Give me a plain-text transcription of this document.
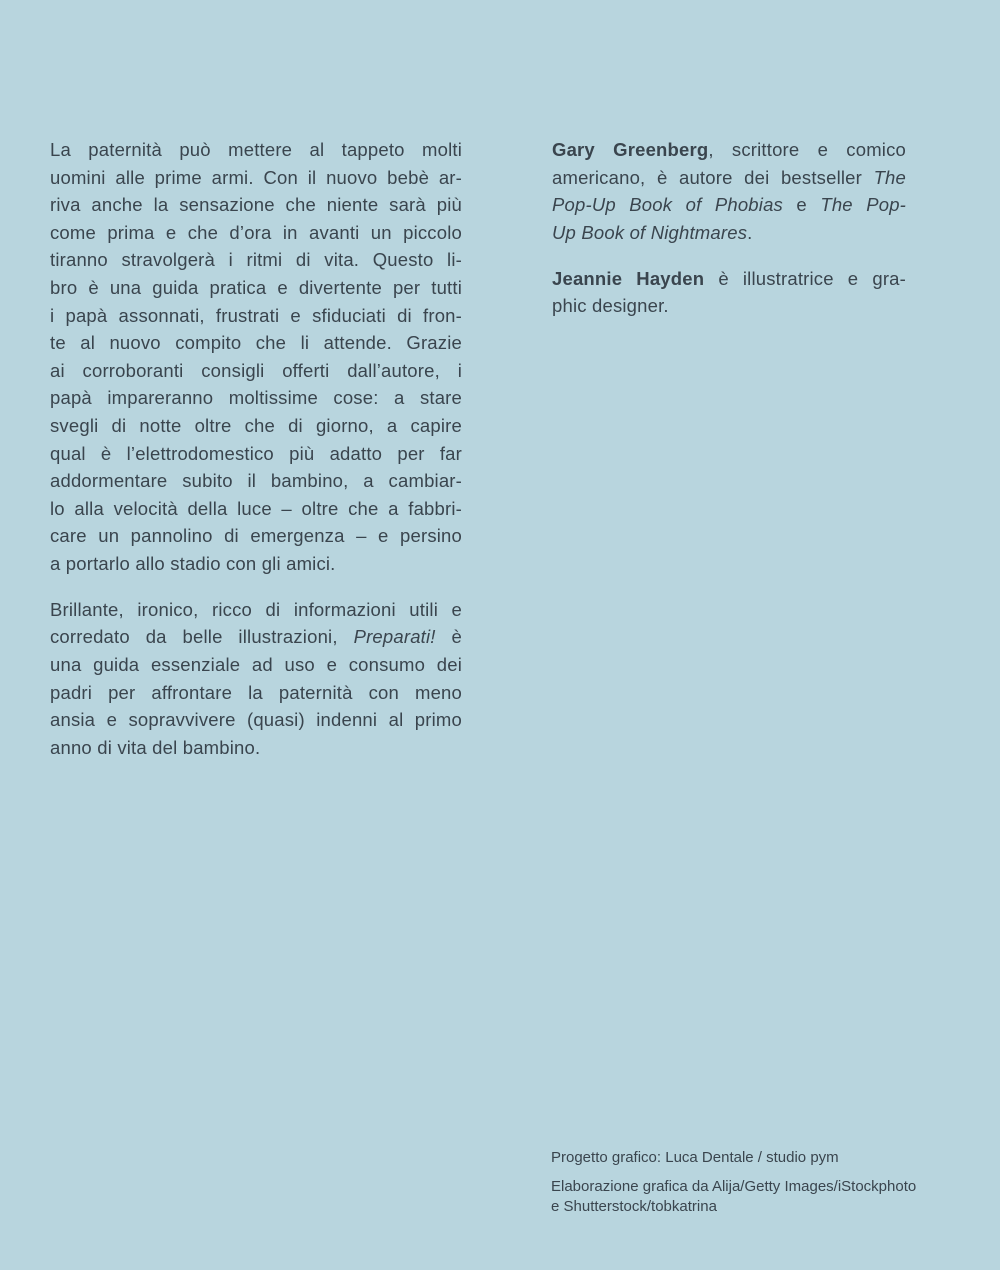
La paternità può mettere al tappeto molti
uomini alle prime armi. Con il nuovo bebè ar-
riva anche la sensazione che niente sarà più
come prima e che d’ora in avanti un piccolo
tiranno stravolgerà i ritmi di vita. Questo li-
bro è una guida pratica e divertente per tutti
i papà assonnati, frustrati e sfiduciati di fron-
te al nuovo compito che li attende. Grazie
ai corroboranti consigli offerti dall’autore, i
papà impareranno moltissime cose: a stare
svegli di notte oltre che di giorno, a capire
qual è l’elettrodomestico più adatto per far
addormentare subito il bambino, a cambiar-
lo alla velocità della luce – oltre che a fabbri-
care un pannolino di emergenza – e persino
a portarlo allo stadio con gli amici.
Brillante, ironico, ricco di informazioni utili e
corredato da belle illustrazioni, Preparati! è
una guida essenziale ad uso e consumo dei
padri per affrontare la paternità con meno
ansia e sopravvivere (quasi) indenni al primo
anno di vita del bambino.
Gary Greenberg, scrittore e comico
americano, è autore dei bestseller The
Pop-Up Book of Phobias e The Pop-
Up Book of Nightmares.
Jeannie Hayden è illustratrice e gra-
phic designer.
Progetto grafico: Luca Dentale / studio pym
Elaborazione grafica da Alija/Getty Images/iStockphoto
e Shutterstock/tobkatrina
